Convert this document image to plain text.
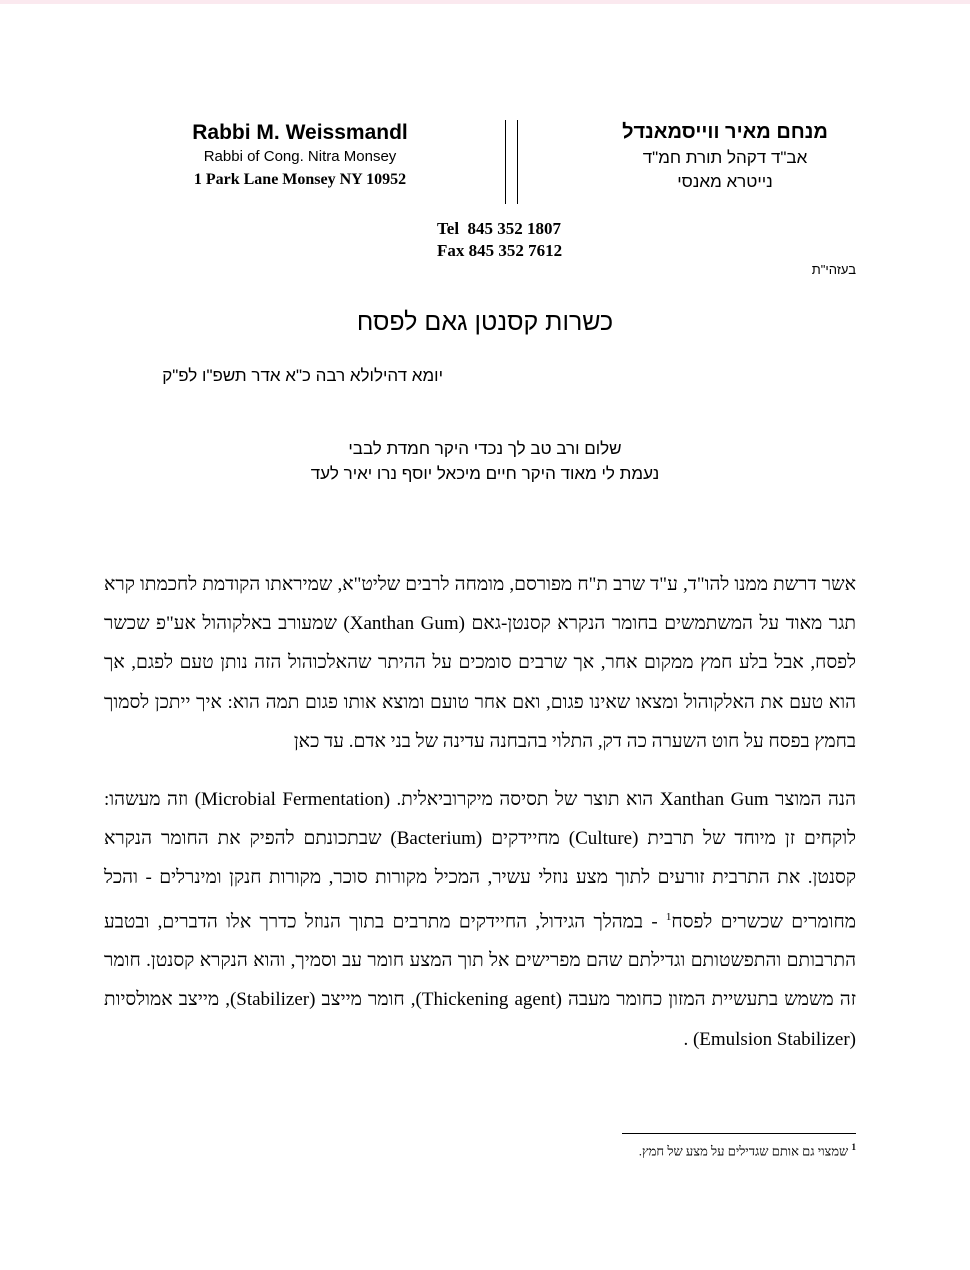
Rabbi M. Weissmandl
Rabbi of Cong. Nitra Monsey
1 Park Lane Monsey NY 10952
מנחם מאיר ווייסמאנדל
אב"ד דקהל תורת חמ"ד
נייטרא מאנסי
Tel  845 352 1807
Fax 845 352 7612
בעזהי"ת
כשרות קסנטן גאם לפסח
יומא דהילולא רבה כ"א אדר תשפ"ו לפ"ק
שלום ורב טב לך נכדי היקר חמדת לבבי
נעמת לי מאוד היקר חיים מיכאל יוסף נרו יאיר לעד
אשר דרשת ממנו להו"ד, ע"ד שרב ת"ח מפורסם, מומחה לרבים שליט"א, שמיראתו הקודמת לחכמתו קרא תגר מאוד על המשתמשים בחומר הנקרא קסנטן-גאם (Xanthan Gum) שמעורב באלקוהול אע"פ שכשר לפסח, אבל בלע חמץ ממקום אחר, אך שרבים סומכים על ההיתר שהאלכוהול הזה נותן טעם לפגם, אך הוא טעם את האלקוהול ומצאו שאינו פגום, ואם אחר טועם ומוצא אותו פגום תמה הוא: איך ייתכן לסמוך בחמץ בפסח על חוט השערה כה דק, התלוי בהבחנה עדינה של בני אדם. עד כאן
הנה המוצר Xanthan Gum הוא תוצר של תסיסה מיקרוביאלית. (Microbial Fermentation) וזה מעשהו: לוקחים זן מיוחד של תרבית (Culture) מחיידקים (Bacterium) שבתכונתם להפיק את החומר הנקרא קסנטן. את התרבית זורעים לתוך מצע נוזלי עשיר, המכיל מקורות סוכר, מקורות חנקן ומינרלים - והכל מחומרים שכשרים לפסח$^1$ - במהלך הגידול, החיידקים מתרבים בתוך הנוזל כדרך אלו הדברים, ובטבע התרבותם והתפשטותם וגדילתם שהם מפרישים אל תוך המצע חומר עב וסמיך, והוא הנקרא קסנטן. חומר זה משמש בתעשיית המזון כחומר מעבה (Thickening agent), חומר מייצב (Stabilizer), מייצב אמולסיות (Emulsion Stabilizer) .
$^1$ שמצוי גם אותם שגדילים על מצע של חמץ.
